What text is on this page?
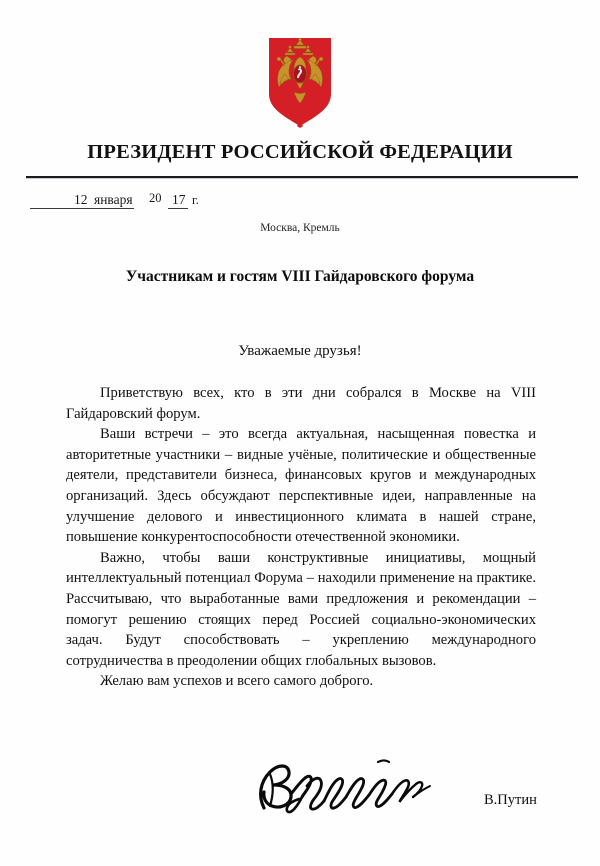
ПРЕЗИДЕНТ РОССИЙСКОЙ ФЕДЕРАЦИИ
12 января 20 17 г.
Москва, Кремль
Участникам и гостям VIII Гайдаровского форума
Уважаемые друзья!

Приветствую всех, кто в эти дни собрался в Москве на VIII Гайдаровский форум.

Ваши встречи – это всегда актуальная, насыщенная повестка и авторитетные участники – видные учёные, политические и общественные деятели, представители бизнеса, финансовых кругов и международных организаций. Здесь обсуждают перспективные идеи, направленные на улучшение делового и инвестиционного климата в нашей стране, повышение конкурентоспособности отечественной экономики.

Важно, чтобы ваши конструктивные инициативы, мощный интеллектуальный потенциал Форума – находили применение на практике. Рассчитываю, что выработанные вами предложения и рекомендации – помогут решению стоящих перед Россией социально-экономических задач. Будут способствовать – укреплению международного сотрудничества в преодолении общих глобальных вызовов.

Желаю вам успехов и всего самого доброго.

В.Путин
